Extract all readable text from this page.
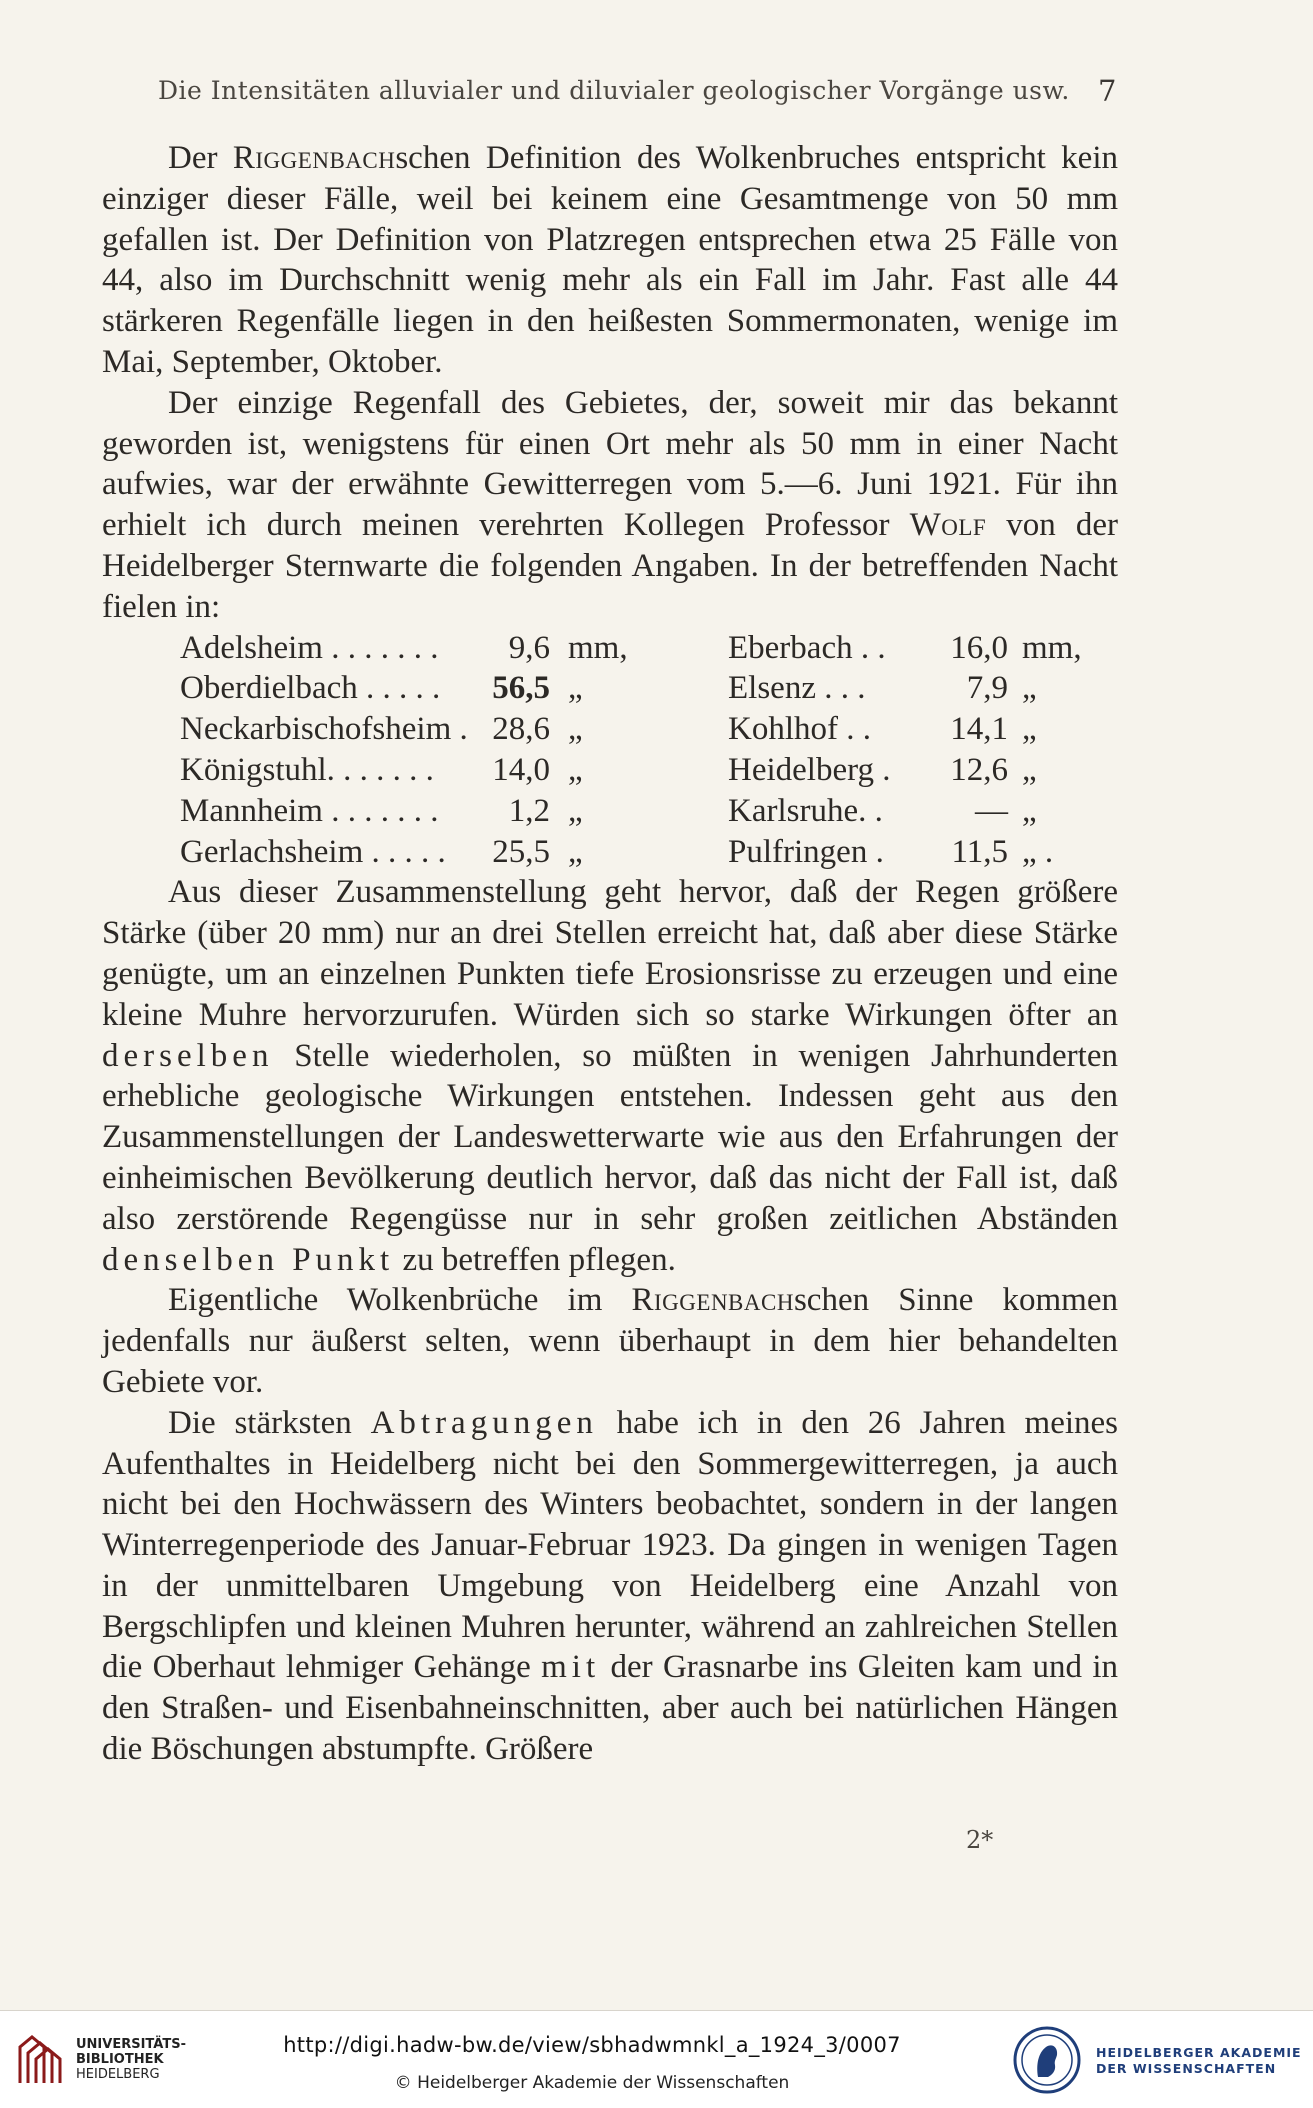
Die Intensitäten alluvialer und diluvialer geologischer Vorgänge usw. 7

Der Riggenbachschen Definition des Wolkenbruches entspricht kein einziger dieser Fälle, weil bei keinem eine Gesamtmenge von 50 mm gefallen ist. Der Definition von Platzregen entsprechen etwa 25 Fälle von 44, also im Durchschnitt wenig mehr als ein Fall im Jahr. Fast alle 44 stärkeren Regenfälle liegen in den heißesten Sommermonaten, wenige im Mai, September, Oktober.

Der einzige Regenfall des Gebietes, der, soweit mir das bekannt geworden ist, wenigstens für einen Ort mehr als 50 mm in einer Nacht aufwies, war der erwähnte Gewitterregen vom 5.—6. Juni 1921. Für ihn erhielt ich durch meinen verehrten Kollegen Professor Wolf von der Heidelberger Sternwarte die folgenden Angaben. In der betreffenden Nacht fielen in:

Adelsheim . . . . . . .	9,6	mm,	Eberbach . .	16,0	mm,
Oberdielbach . . . . .	56,5	„	Elsenz . . .	7,9	„
Neckarbischofsheim .	28,6	„	Kohlhof . .	14,1	„
Königstuhl. . . . . . .	14,0	„	Heidelberg .	12,6	„
Mannheim . . . . . . .	1,2	„	Karlsruhe. .	—	„
Gerlachsheim . . . . .	25,5	„	Pulfringen .	11,5	„ .

Aus dieser Zusammenstellung geht hervor, daß der Regen größere Stärke (über 20 mm) nur an drei Stellen erreicht hat, daß aber diese Stärke genügte, um an einzelnen Punkten tiefe Erosionsrisse zu erzeugen und eine kleine Muhre hervorzurufen. Würden sich so starke Wirkungen öfter an derselben Stelle wiederholen, so müßten in wenigen Jahrhunderten erhebliche geologische Wirkungen entstehen. Indessen geht aus den Zusammenstellungen der Landeswetterwarte wie aus den Erfahrungen der einheimischen Bevölkerung deutlich hervor, daß das nicht der Fall ist, daß also zerstörende Regengüsse nur in sehr großen zeitlichen Abständen denselben Punkt zu betreffen pflegen.

Eigentliche Wolkenbrüche im Riggenbachschen Sinne kommen jedenfalls nur äußerst selten, wenn überhaupt in dem hier behandelten Gebiete vor.

Die stärksten Abtragungen habe ich in den 26 Jahren meines Aufenthaltes in Heidelberg nicht bei den Sommergewitterregen, ja auch nicht bei den Hochwässern des Winters beobachtet, sondern in der langen Winterregenperiode des Januar-Februar 1923. Da gingen in wenigen Tagen in der unmittelbaren Umgebung von Heidelberg eine Anzahl von Bergschlipfen und kleinen Muhren herunter, während an zahlreichen Stellen die Oberhaut lehmiger Gehänge mit der Grasnarbe ins Gleiten kam und in den Straßen- und Eisenbahneinschnitten, aber auch bei natürlichen Hängen die Böschungen abstumpfte. Größere

2*
UNIVERSITÄTS-
BIBLIOTHEK
HEIDELBERG
http://digi.hadw-bw.de/view/sbhadwmnkl_a_1924_3/0007
© Heidelberger Akademie der Wissenschaften
HEIDELBERGER AKADEMIE
DER WISSENSCHAFTEN
